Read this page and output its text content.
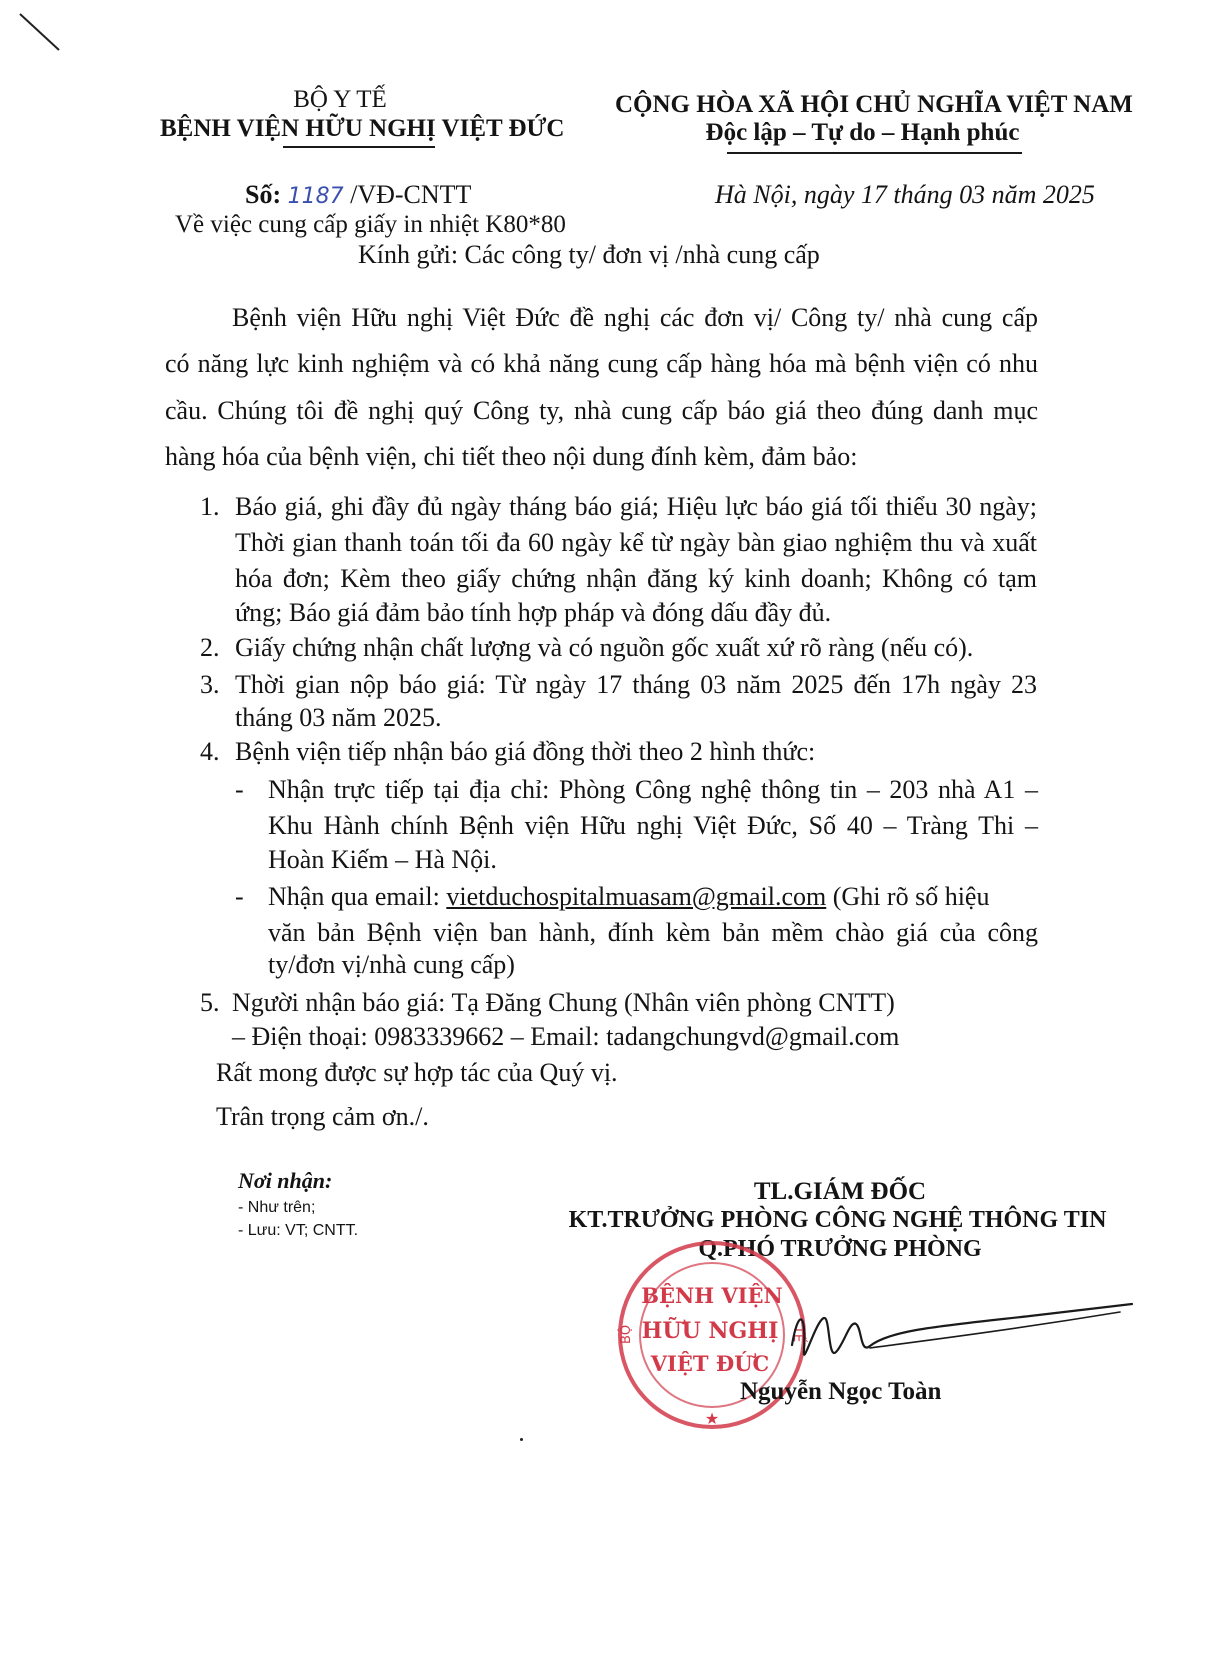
BỘ Y TẾ
BỆNH VIỆN HỮU NGHỊ VIỆT ĐỨC
CỘNG HÒA XÃ HỘI CHỦ NGHĨA VIỆT NAM
Độc lập – Tự do – Hạnh phúc
Số: 1187 /VĐ-CNTT	Hà Nội, ngày 17 tháng 03 năm 2025
Về việc cung cấp giấy in nhiệt K80*80
Kính gửi: Các công ty/ đơn vị /nhà cung cấp
Bệnh viện Hữu nghị Việt Đức đề nghị các đơn vị/ Công ty/ nhà cung cấp
có năng lực kinh nghiệm và có khả năng cung cấp hàng hóa mà bệnh viện có nhu
cầu. Chúng tôi đề nghị quý Công ty, nhà cung cấp báo giá theo đúng danh mục
hàng hóa của bệnh viện, chi tiết theo nội dung đính kèm, đảm bảo:
1. Báo giá, ghi đầy đủ ngày tháng báo giá; Hiệu lực báo giá tối thiểu 30 ngày;
Thời gian thanh toán tối đa 60 ngày kể từ ngày bàn giao nghiệm thu và xuất
hóa đơn; Kèm theo giấy chứng nhận đăng ký kinh doanh; Không có tạm
ứng; Báo giá đảm bảo tính hợp pháp và đóng dấu đầy đủ.
2. Giấy chứng nhận chất lượng và có nguồn gốc xuất xứ rõ ràng (nếu có).
3. Thời gian nộp báo giá: Từ ngày 17 tháng 03 năm 2025 đến 17h ngày 23
tháng 03 năm 2025.
4. Bệnh viện tiếp nhận báo giá đồng thời theo 2 hình thức:
- Nhận trực tiếp tại địa chỉ: Phòng Công nghệ thông tin – 203 nhà A1 –
Khu Hành chính Bệnh viện Hữu nghị Việt Đức, Số 40 – Tràng Thi –
Hoàn Kiếm – Hà Nội.
- Nhận qua email: vietduchospitalmuasam@gmail.com (Ghi rõ số hiệu
văn bản Bệnh viện ban hành, đính kèm bản mềm chào giá của công
ty/đơn vị/nhà cung cấp)
5. Người nhận báo giá: Tạ Đăng Chung (Nhân viên phòng CNTT)
– Điện thoại: 0983339662 – Email: tadangchungvd@gmail.com
Rất mong được sự hợp tác của Quý vị.
Trân trọng cảm ơn./.
Nơi nhận:
- Như trên;
- Lưu: VT; CNTT.
TL.GIÁM ĐỐC
KT.TRƯỞNG PHÒNG CÔNG NGHỆ THÔNG TIN
Q.PHÓ TRƯỞNG PHÒNG
BỆNH VIỆN
HỮU NGHỊ
VIỆT ĐỨC
BỘ	TẾ
★
Nguyễn Ngọc Toàn
